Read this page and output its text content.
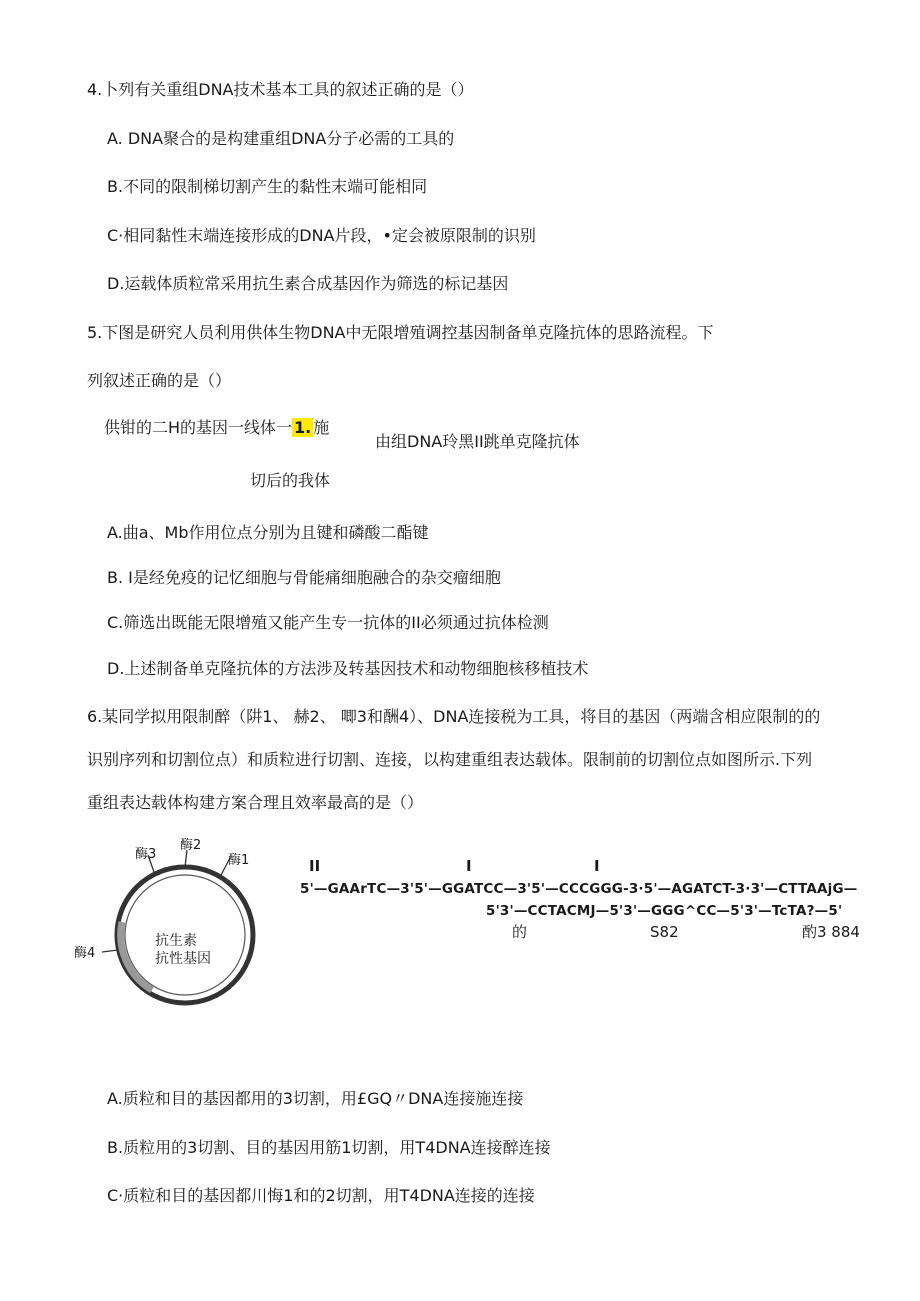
4.卜列有关重组DNA技术基本工具的叙述正确的是（）
A. DNA聚合的是构建重组DNA分子必需的工具的
B.不同的限制梯切割产生的黏性末端可能相同
C·相同黏性末端连接形成的DNA片段，•定会被原限制的识别
D.运载体质粒常采用抗生素合成基因作为筛选的标记基因
5.下图是研究人员利用供体生物DNA中无限增殖调控基因制备单克隆抗体的思路流程。下
列叙述正确的是（）
供钳的二H的基因一线体一 1. 施
由组DNA玲黑II跳单克隆抗体
切后的我体
A.曲a、Mb作用位点分别为且键和磷酸二酯键
B. I是经免疫的记忆细胞与骨能痛细胞融合的杂交瘤细胞
C.筛选出既能无限增殖又能产生专一抗体的II必须通过抗体检测
D.上述制备单克隆抗体的方法涉及转基因技术和动物细胞核移植技术
6.某同学拟用限制醉（阱1、 赫2、 唧3和酬4）、DNA连接税为工具，将目的基因（两端含相应限制的的
识别序列和切割位点）和质粒进行切割、连接，以构建重组表达载体。限制前的切割位点如图所示.下列
重组表达载体构建方案合理且效率最高的是（）
酶3
酶2
酶1
酶4
抗生素
抗性基因
II	I	I
5'—GAArTC—3'5'—GGATCC—3'5'—CCCGGG-3·5'—AGATCT-3·3'—CTTAAjG—
5'3'—CCTACMJ—5'3'—GGG^CC—5'3'—TcTA?—5'
的	S82	酌3 884
A.质粒和目的基因都用的3切割，用£GQ〃DNA连接施连接
B.质粒用的3切割、目的基因用筋1切割，用T4DNA连接醉连接
C·质粒和目的基因都川悔1和的2切割，用T4DNA连接的连接
